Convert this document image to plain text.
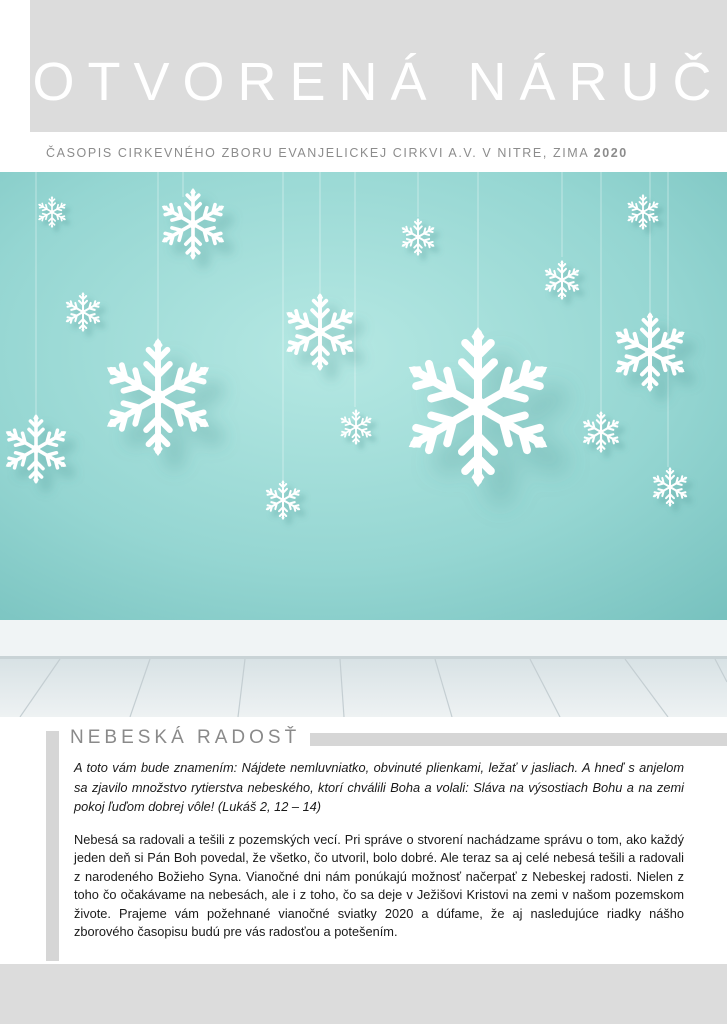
OTVORENÁ NÁRUČ
ČASOPIS CIRKEVNÉHO ZBORU EVANJELICKEJ CIRKVI A.V. V NITRE, ZIMA 2020
NEBESKÁ RADOSŤ
A toto vám bude znamením: Nájdete nemluvniatko, obvinuté plienkami, ležať v jasliach. A hneď s anjelom sa zjavilo množstvo rytierstva nebeského, ktorí chválili Boha a volali: Sláva na výsostiach Bohu a na zemi pokoj ľuďom dobrej vôle! (Lukáš 2, 12 – 14)
Nebesá sa radovali a tešili z pozemských vecí. Pri správe o stvorení nachádzame správu o tom, ako každý jeden deň si Pán Boh povedal, že všetko, čo utvoril, bolo dobré. Ale teraz sa aj celé nebesá tešili a radovali z narodeného Božieho Syna. Vianočné dni nám ponúkajú možnosť načerpať z Nebeskej radosti. Nielen z toho čo očakávame na nebesách, ale i z toho, čo sa deje v Ježišovi Kristovi na zemi v našom pozemskom živote. Prajeme vám požehnané vianočné sviatky 2020 a dúfame, že aj nasledujúce riadky nášho zborového časopisu budú pre vás radosťou a potešením.
